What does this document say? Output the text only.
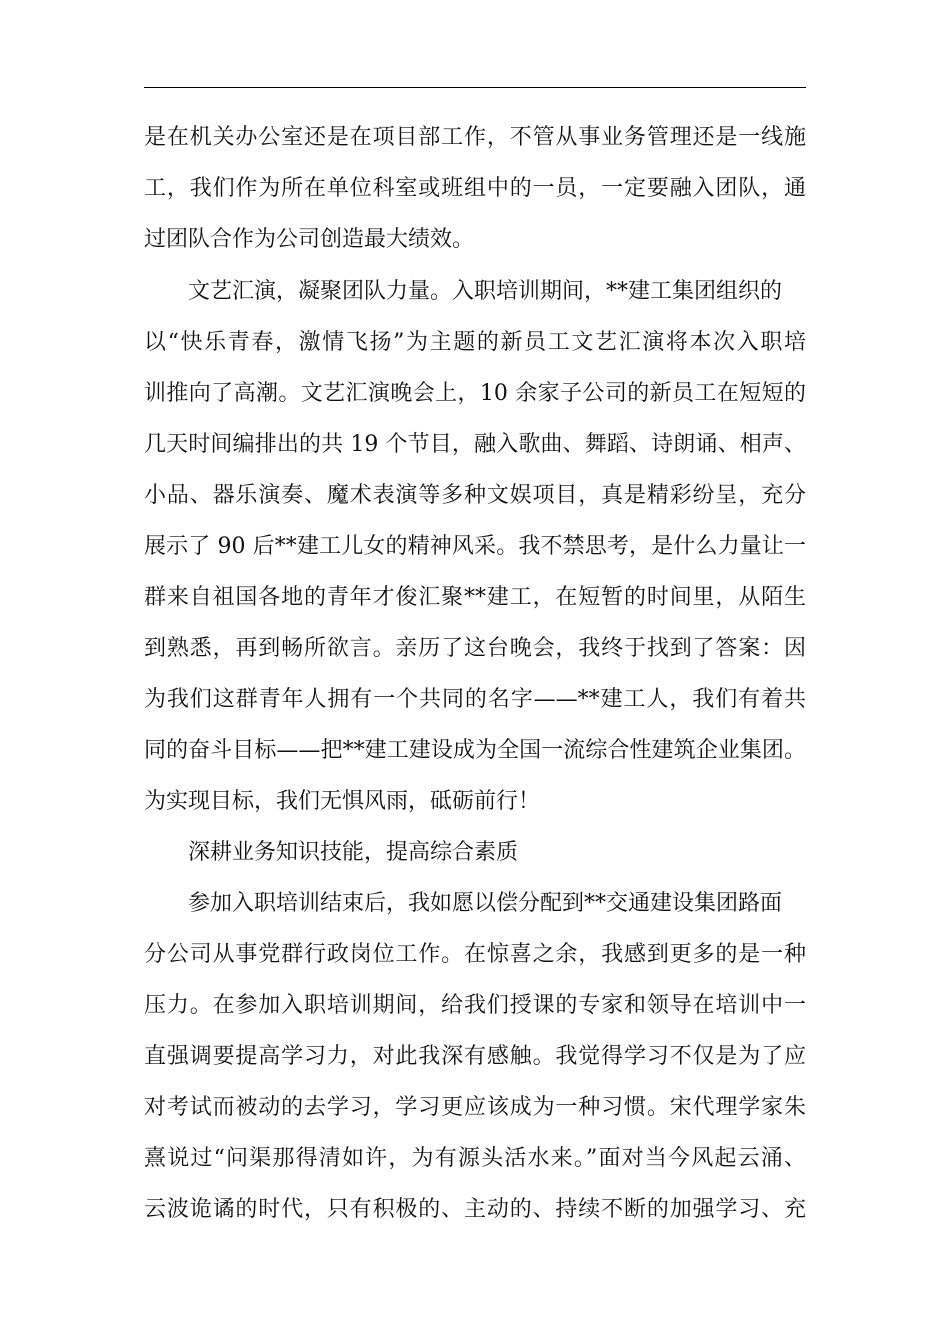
是在机关办公室还是在项目部工作，不管从事业务管理还是一线施
工，我们作为所在单位科室或班组中的一员，一定要融入团队，通
过团队合作为公司创造最大绩效。
文艺汇演，凝聚团队力量。入职培训期间，**建工集团组织的
以“快乐青春，激情飞扬”为主题的新员工文艺汇演将本次入职培
训推向了高潮。文艺汇演晚会上，10 余家子公司的新员工在短短的
几天时间编排出的共 19 个节目，融入歌曲、舞蹈、诗朗诵、相声、
小品、器乐演奏、魔术表演等多种文娱项目，真是精彩纷呈，充分
展示了 90 后**建工儿女的精神风采。我不禁思考，是什么力量让一
群来自祖国各地的青年才俊汇聚**建工，在短暂的时间里，从陌生
到熟悉，再到畅所欲言。亲历了这台晚会，我终于找到了答案：因
为我们这群青年人拥有一个共同的名字——**建工人，我们有着共
同的奋斗目标——把**建工建设成为全国一流综合性建筑企业集团。
为实现目标，我们无惧风雨，砥砺前行！
深耕业务知识技能，提高综合素质
参加入职培训结束后，我如愿以偿分配到**交通建设集团路面
分公司从事党群行政岗位工作。在惊喜之余，我感到更多的是一种
压力。在参加入职培训期间，给我们授课的专家和领导在培训中一
直强调要提高学习力，对此我深有感触。我觉得学习不仅是为了应
对考试而被动的去学习，学习更应该成为一种习惯。宋代理学家朱
熹说过“问渠那得清如许，为有源头活水来。”面对当今风起云涌、
云波诡谲的时代，只有积极的、主动的、持续不断的加强学习、充
